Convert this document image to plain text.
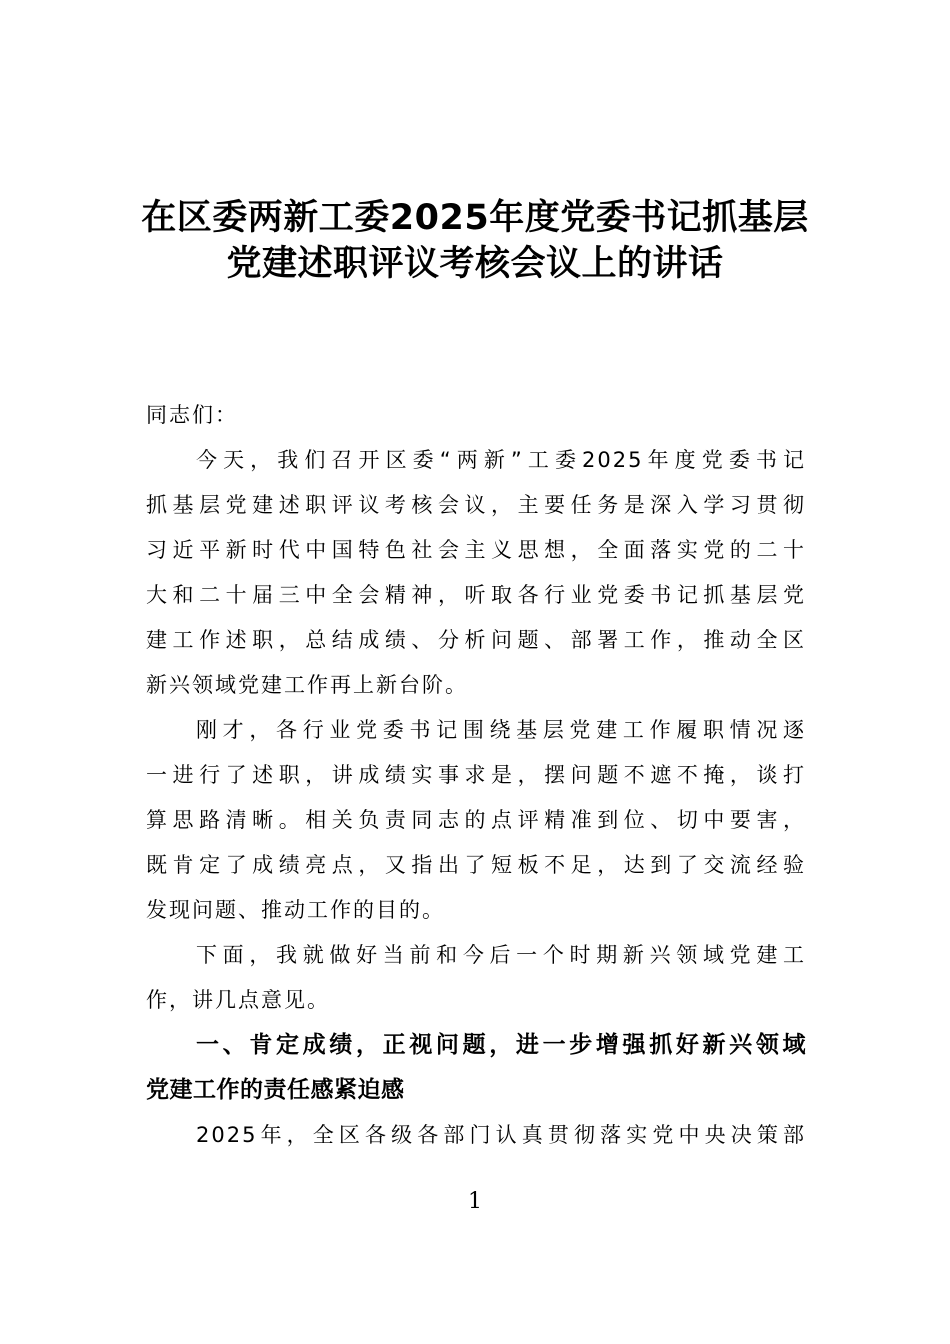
在区委两新工委2025年度党委书记抓基层
党建述职评议考核会议上的讲话
同志们：
今天，我们召开区委“两新”工委2025年度党委书记
抓基层党建述职评议考核会议，主要任务是深入学习贯彻
习近平新时代中国特色社会主义思想，全面落实党的二十
大和二十届三中全会精神，听取各行业党委书记抓基层党
建工作述职，总结成绩、分析问题、部署工作，推动全区
新兴领域党建工作再上新台阶。
刚才，各行业党委书记围绕基层党建工作履职情况逐
一进行了述职，讲成绩实事求是，摆问题不遮不掩，谈打
算思路清晰。相关负责同志的点评精准到位、切中要害，
既肯定了成绩亮点，又指出了短板不足，达到了交流经验
发现问题、推动工作的目的。
下面，我就做好当前和今后一个时期新兴领域党建工
作，讲几点意见。
一、肯定成绩，正视问题，进一步增强抓好新兴领域
党建工作的责任感紧迫感
2025年，全区各级各部门认真贯彻落实党中央决策部
1
